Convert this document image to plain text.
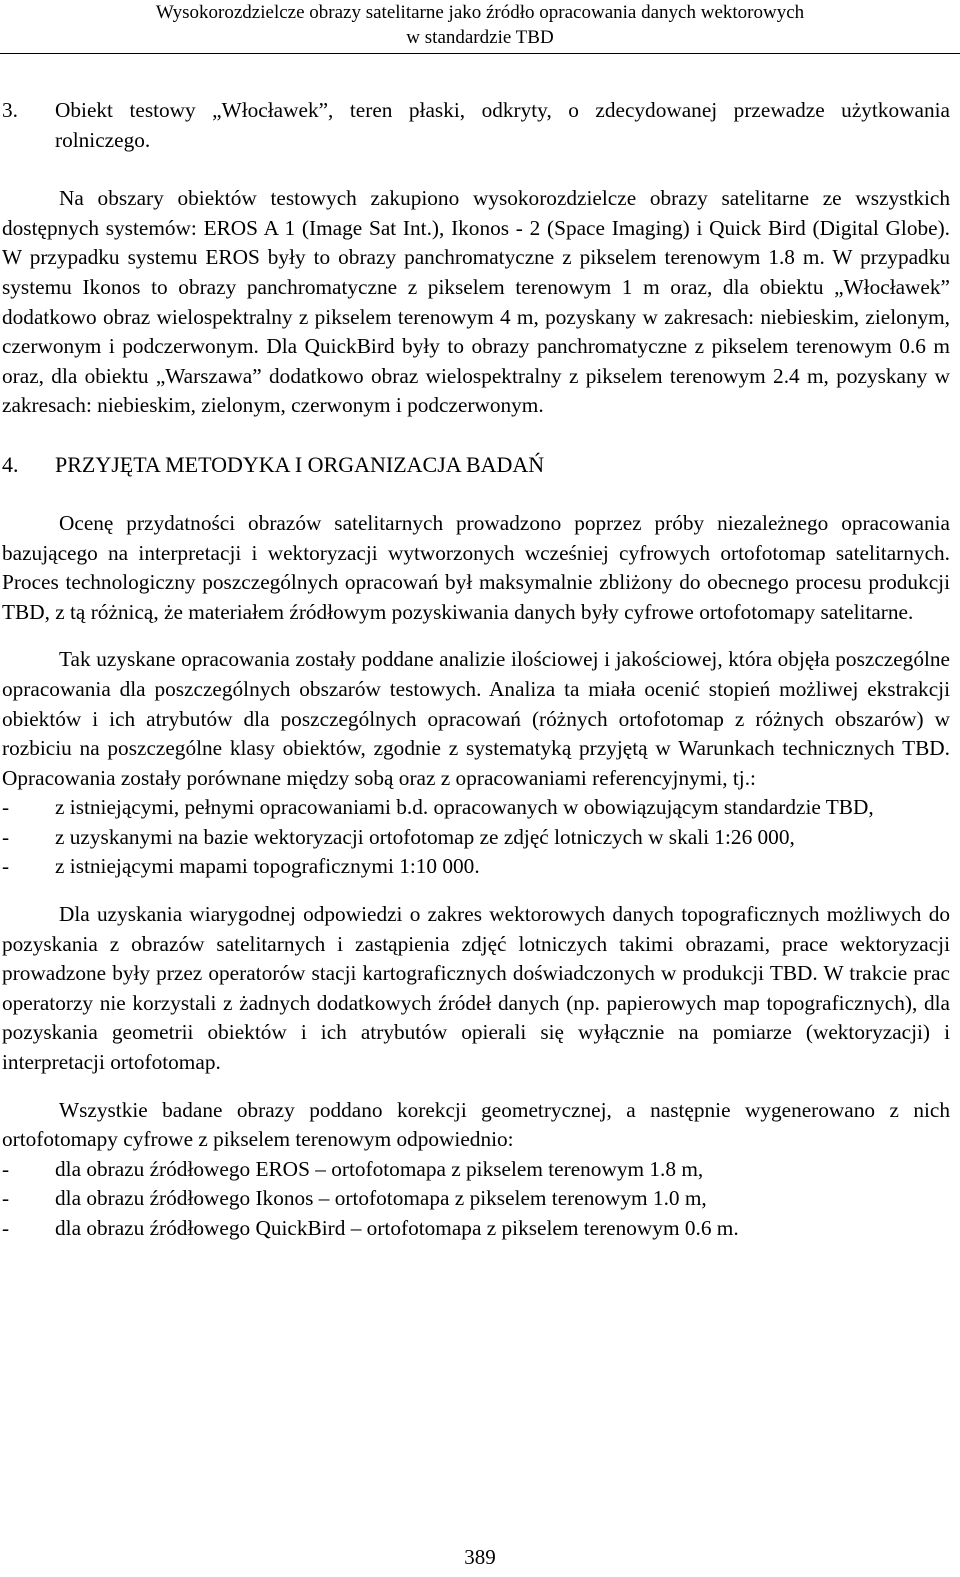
Wysokorozdzielcze obrazy satelitarne jako źródło opracowania danych wektorowych
w standardzie TBD
3.	Obiekt testowy „Włocławek”, teren płaski, odkryty, o zdecydowanej przewadze użytkowania rolniczego.

Na obszary obiektów testowych zakupiono wysokorozdzielcze obrazy satelitarne ze wszystkich dostępnych systemów: EROS A 1 (Image Sat Int.), Ikonos - 2 (Space Imaging) i Quick Bird (Digital Globe). W przypadku systemu EROS były to obrazy panchromatyczne z pikselem terenowym 1.8 m. W przypadku systemu Ikonos to obrazy panchromatyczne z pikselem terenowym 1 m oraz, dla obiektu „Włocławek” dodatkowo obraz wielospektralny z pikselem terenowym 4 m, pozyskany w zakresach: niebieskim, zielonym, czerwonym i podczerwonym. Dla QuickBird były to obrazy panchromatyczne z pikselem terenowym 0.6 m oraz, dla obiektu „Warszawa” dodatkowo obraz wielospektralny z pikselem terenowym 2.4 m, pozyskany w zakresach: niebieskim, zielonym, czerwonym i podczerwonym.

4.	PRZYJĘTA METODYKA I ORGANIZACJA BADAŃ

Ocenę przydatności obrazów satelitarnych prowadzono poprzez próby niezależnego opracowania bazującego na interpretacji i wektoryzacji wytworzonych wcześniej cyfrowych ortofotomap satelitarnych. Proces technologiczny poszczególnych opracowań był maksymalnie zbliżony do obecnego procesu produkcji TBD, z tą różnicą, że materiałem źródłowym pozyskiwania danych były cyfrowe ortofotomapy satelitarne.

Tak uzyskane opracowania zostały poddane analizie ilościowej i jakościowej, która objęła poszczególne opracowania dla poszczególnych obszarów testowych. Analiza ta miała ocenić stopień możliwej ekstrakcji obiektów i ich atrybutów dla poszczególnych opracowań (różnych ortofotomap z różnych obszarów) w rozbiciu na poszczególne klasy obiektów, zgodnie z systematyką przyjętą w Warunkach technicznych TBD. Opracowania zostały porównane między sobą oraz z opracowaniami referencyjnymi, tj.:

-	z istniejącymi, pełnymi opracowaniami b.d. opracowanych w obowiązującym standardzie TBD,
-	z uzyskanymi na bazie wektoryzacji ortofotomap ze zdjęć lotniczych w skali 1:26 000,
-	z istniejącymi mapami topograficznymi 1:10 000.

Dla uzyskania wiarygodnej odpowiedzi o zakres wektorowych danych topograficznych możliwych do pozyskania z obrazów satelitarnych i zastąpienia zdjęć lotniczych takimi obrazami, prace wektoryzacji prowadzone były przez operatorów stacji kartograficznych doświadczonych w produkcji TBD. W trakcie prac operatorzy nie korzystali z żadnych dodatkowych źródeł danych (np. papierowych map topograficznych), dla pozyskania geometrii obiektów i ich atrybutów opierali się wyłącznie na pomiarze (wektoryzacji) i interpretacji ortofotomap.

Wszystkie badane obrazy poddano korekcji geometrycznej, a następnie wygenerowano z nich ortofotomapy cyfrowe z pikselem terenowym odpowiednio:

-	dla obrazu źródłowego EROS – ortofotomapa z pikselem terenowym 1.8 m,
-	dla obrazu źródłowego Ikonos – ortofotomapa z pikselem terenowym 1.0 m,
-	dla obrazu źródłowego QuickBird – ortofotomapa z pikselem terenowym 0.6 m.
389
